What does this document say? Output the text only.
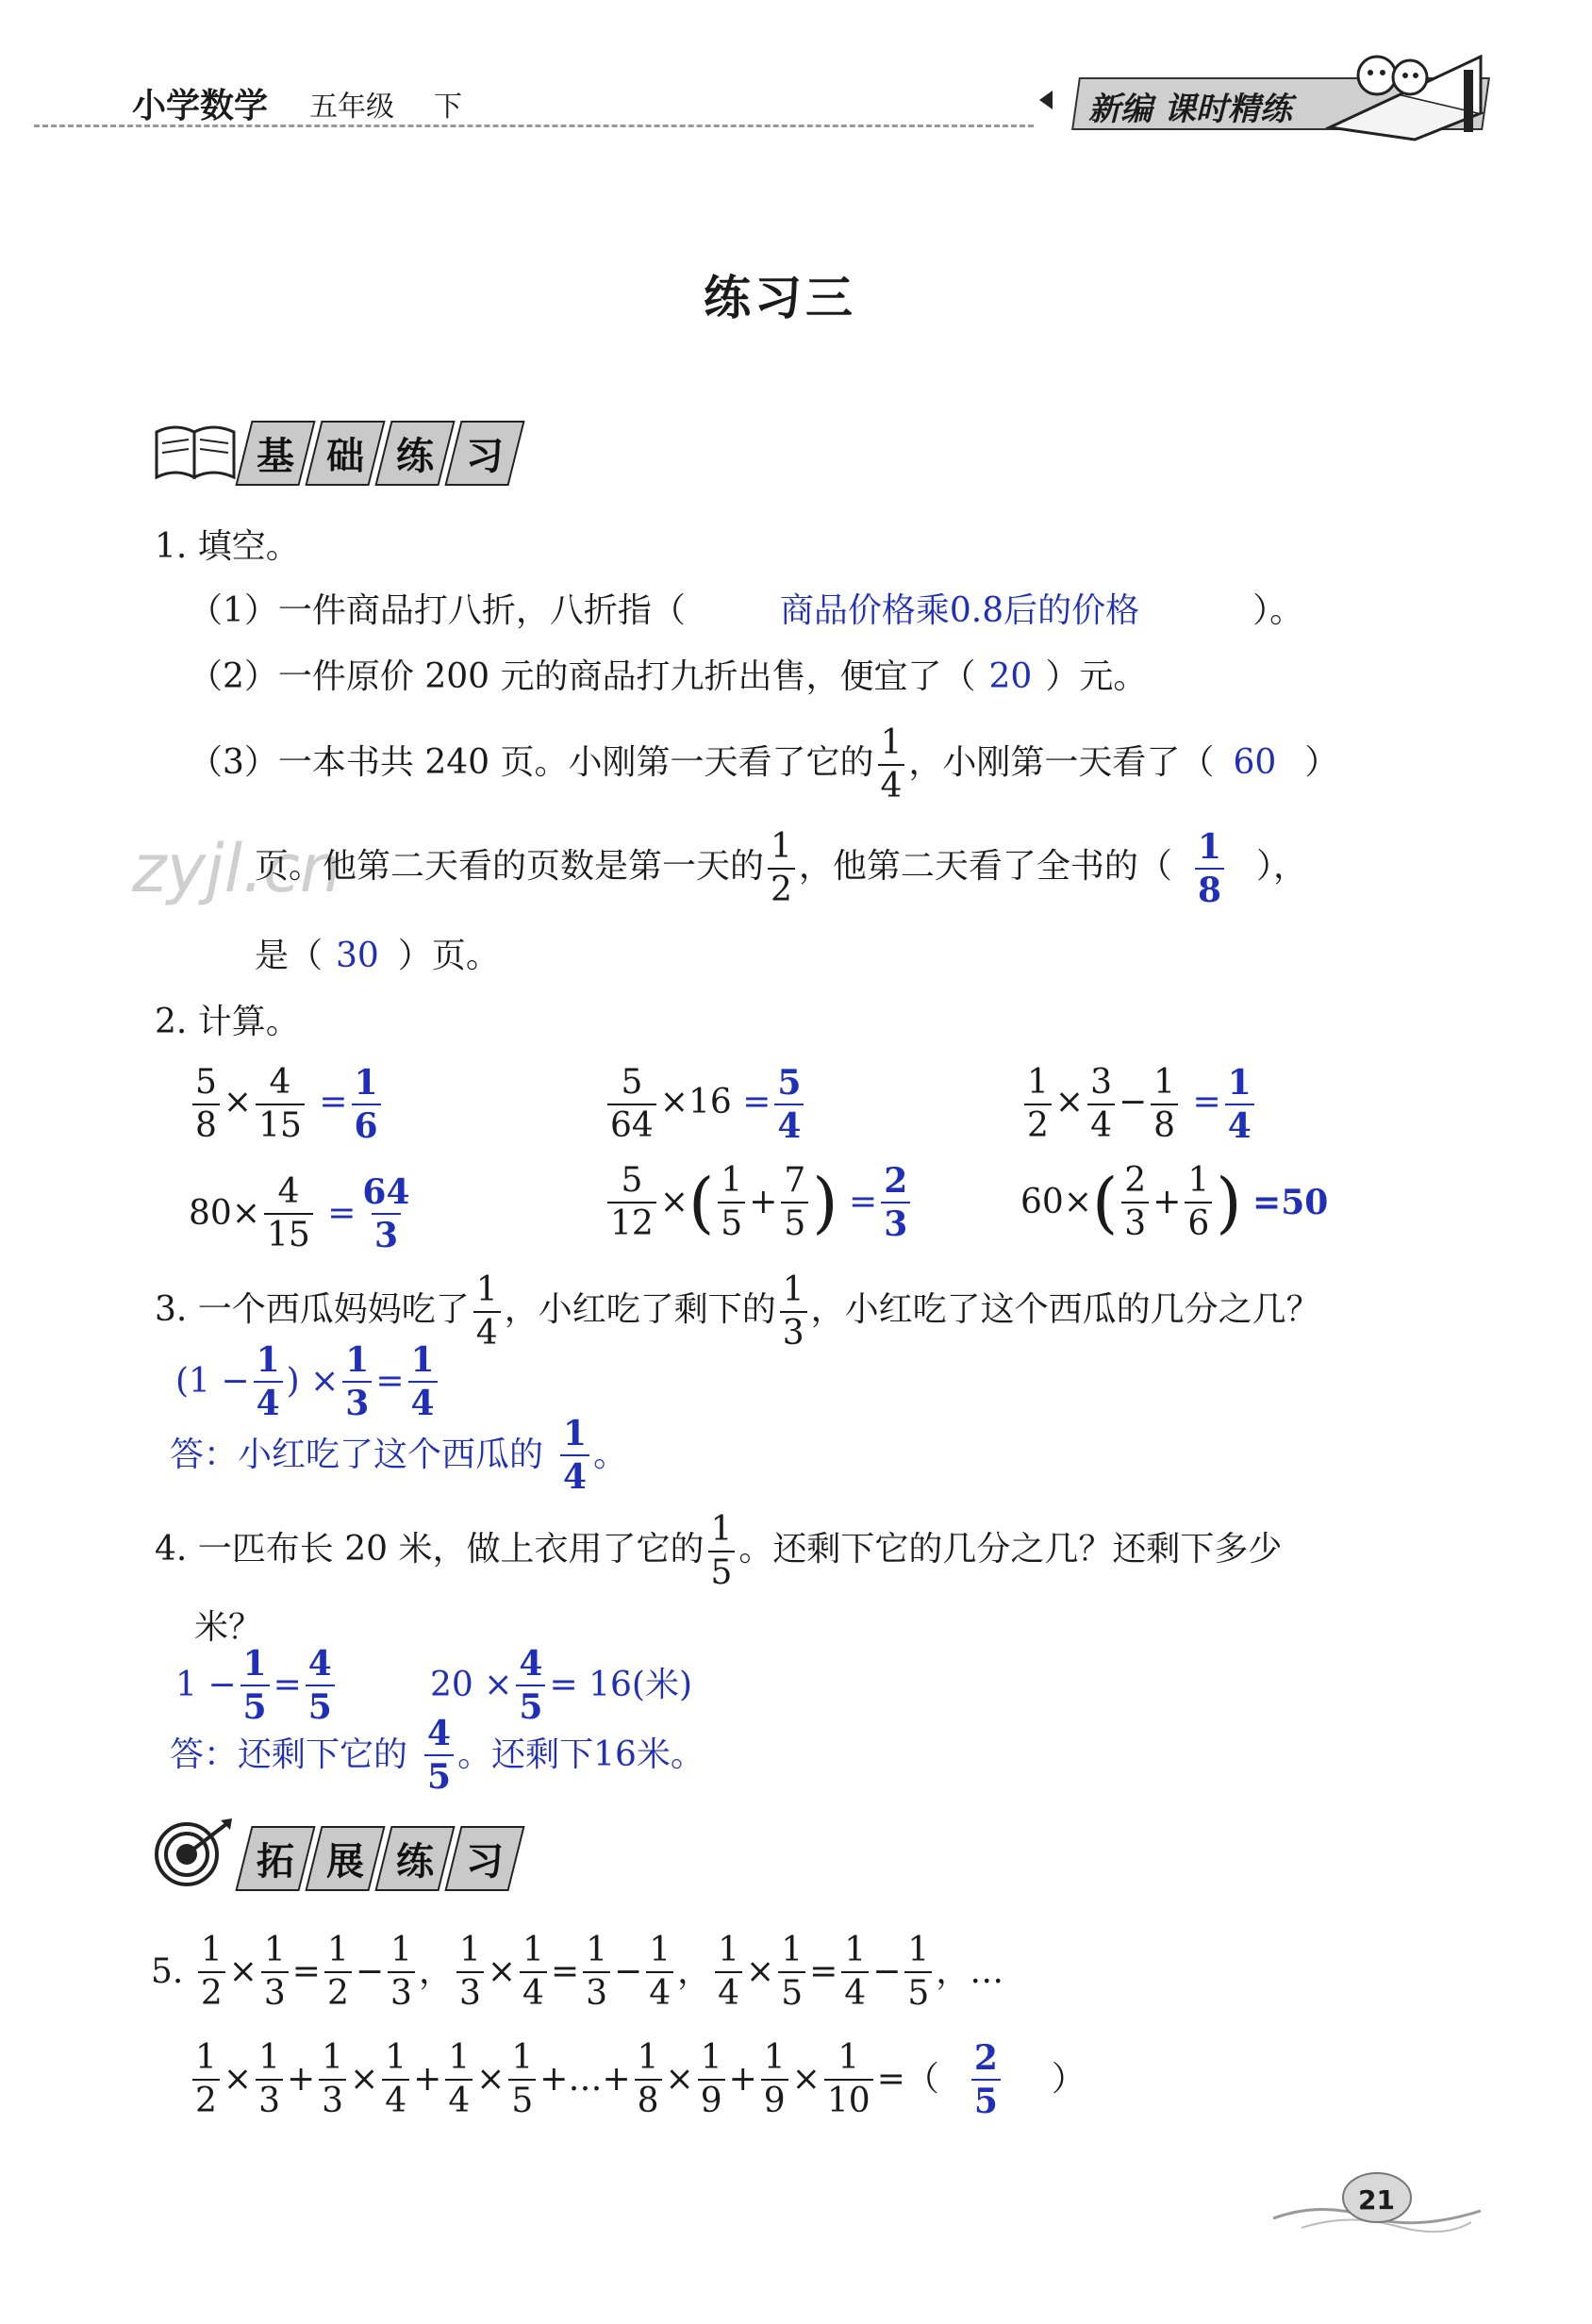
小学数学 五年级 下	新编 课时精练
练习三
基 础 练 习
1. 填空。
（1）一件商品打八折，八折指（	商品价格乘0.8后的价格	）。
（2）一件原价 200 元的商品打九折出售，便宜了（ 20 ）元。
（3）一本书共 240 页。小刚第一天看了它的 $\frac{1}{4}$ ，小刚第一天看了（ 60 ）
zyjl.cn
页。他第二天看的页数是第一天的 $\frac{1}{2}$ ，他第二天看了全书的（ $\frac{1}{8}$ ），
是（ 30 ）页。
2. 计算。
$\frac{5}{8} \times \frac{4}{15} = \frac{1}{6}$	$\frac{5}{64} \times 16 = \frac{5}{4}$	$\frac{1}{2} \times \frac{3}{4} - \frac{1}{8} = \frac{1}{4}$
$80\times \frac{4}{15} = \frac{64}{3}$	$\frac{5}{12}$ ×( $\frac{1}{5} + \frac{7}{5}$ ) = $\frac{2}{3}$	$60\times( \frac{2}{3} + \frac{1}{6}$ ) =50
3. 一个西瓜妈妈吃了 $\frac{1}{4}$ ，小红吃了剩下的 $\frac{1}{3}$ ，小红吃了这个西瓜的几分之几？
($1 - \frac{1}{4}$ ) × $\frac{1}{3} = \frac{1}{4}$
答：小红吃了这个西瓜的 $\frac{1}{4}$ 。
4. 一匹布长 20 米，做上衣用了它的 $\frac{1}{5}$ 。还剩下它的几分之几？还剩下多少
米？
$1 - \frac{1}{5} = \frac{4}{5}$	$20 \times \frac{4}{5} = 16$(米)
答：还剩下它的 $\frac{4}{5}$ 。还剩下16米。
拓 展 练 习
5. $\frac{1}{2} \times \frac{1}{3} = \frac{1}{2} - \frac{1}{3}$ ， $\frac{1}{3} \times \frac{1}{4} = \frac{1}{3} - \frac{1}{4}$ ， $\frac{1}{4} \times \frac{1}{5} = \frac{1}{4} - \frac{1}{5}$ ，…
$\frac{1}{2} \times \frac{1}{3} + \frac{1}{3} \times \frac{1}{4} + \frac{1}{4} \times \frac{1}{5}$ +…+ $\frac{1}{8} \times \frac{1}{9} + \frac{1}{9} \times \frac{1}{10}$ =（ $\frac{2}{5}$ ）
21
